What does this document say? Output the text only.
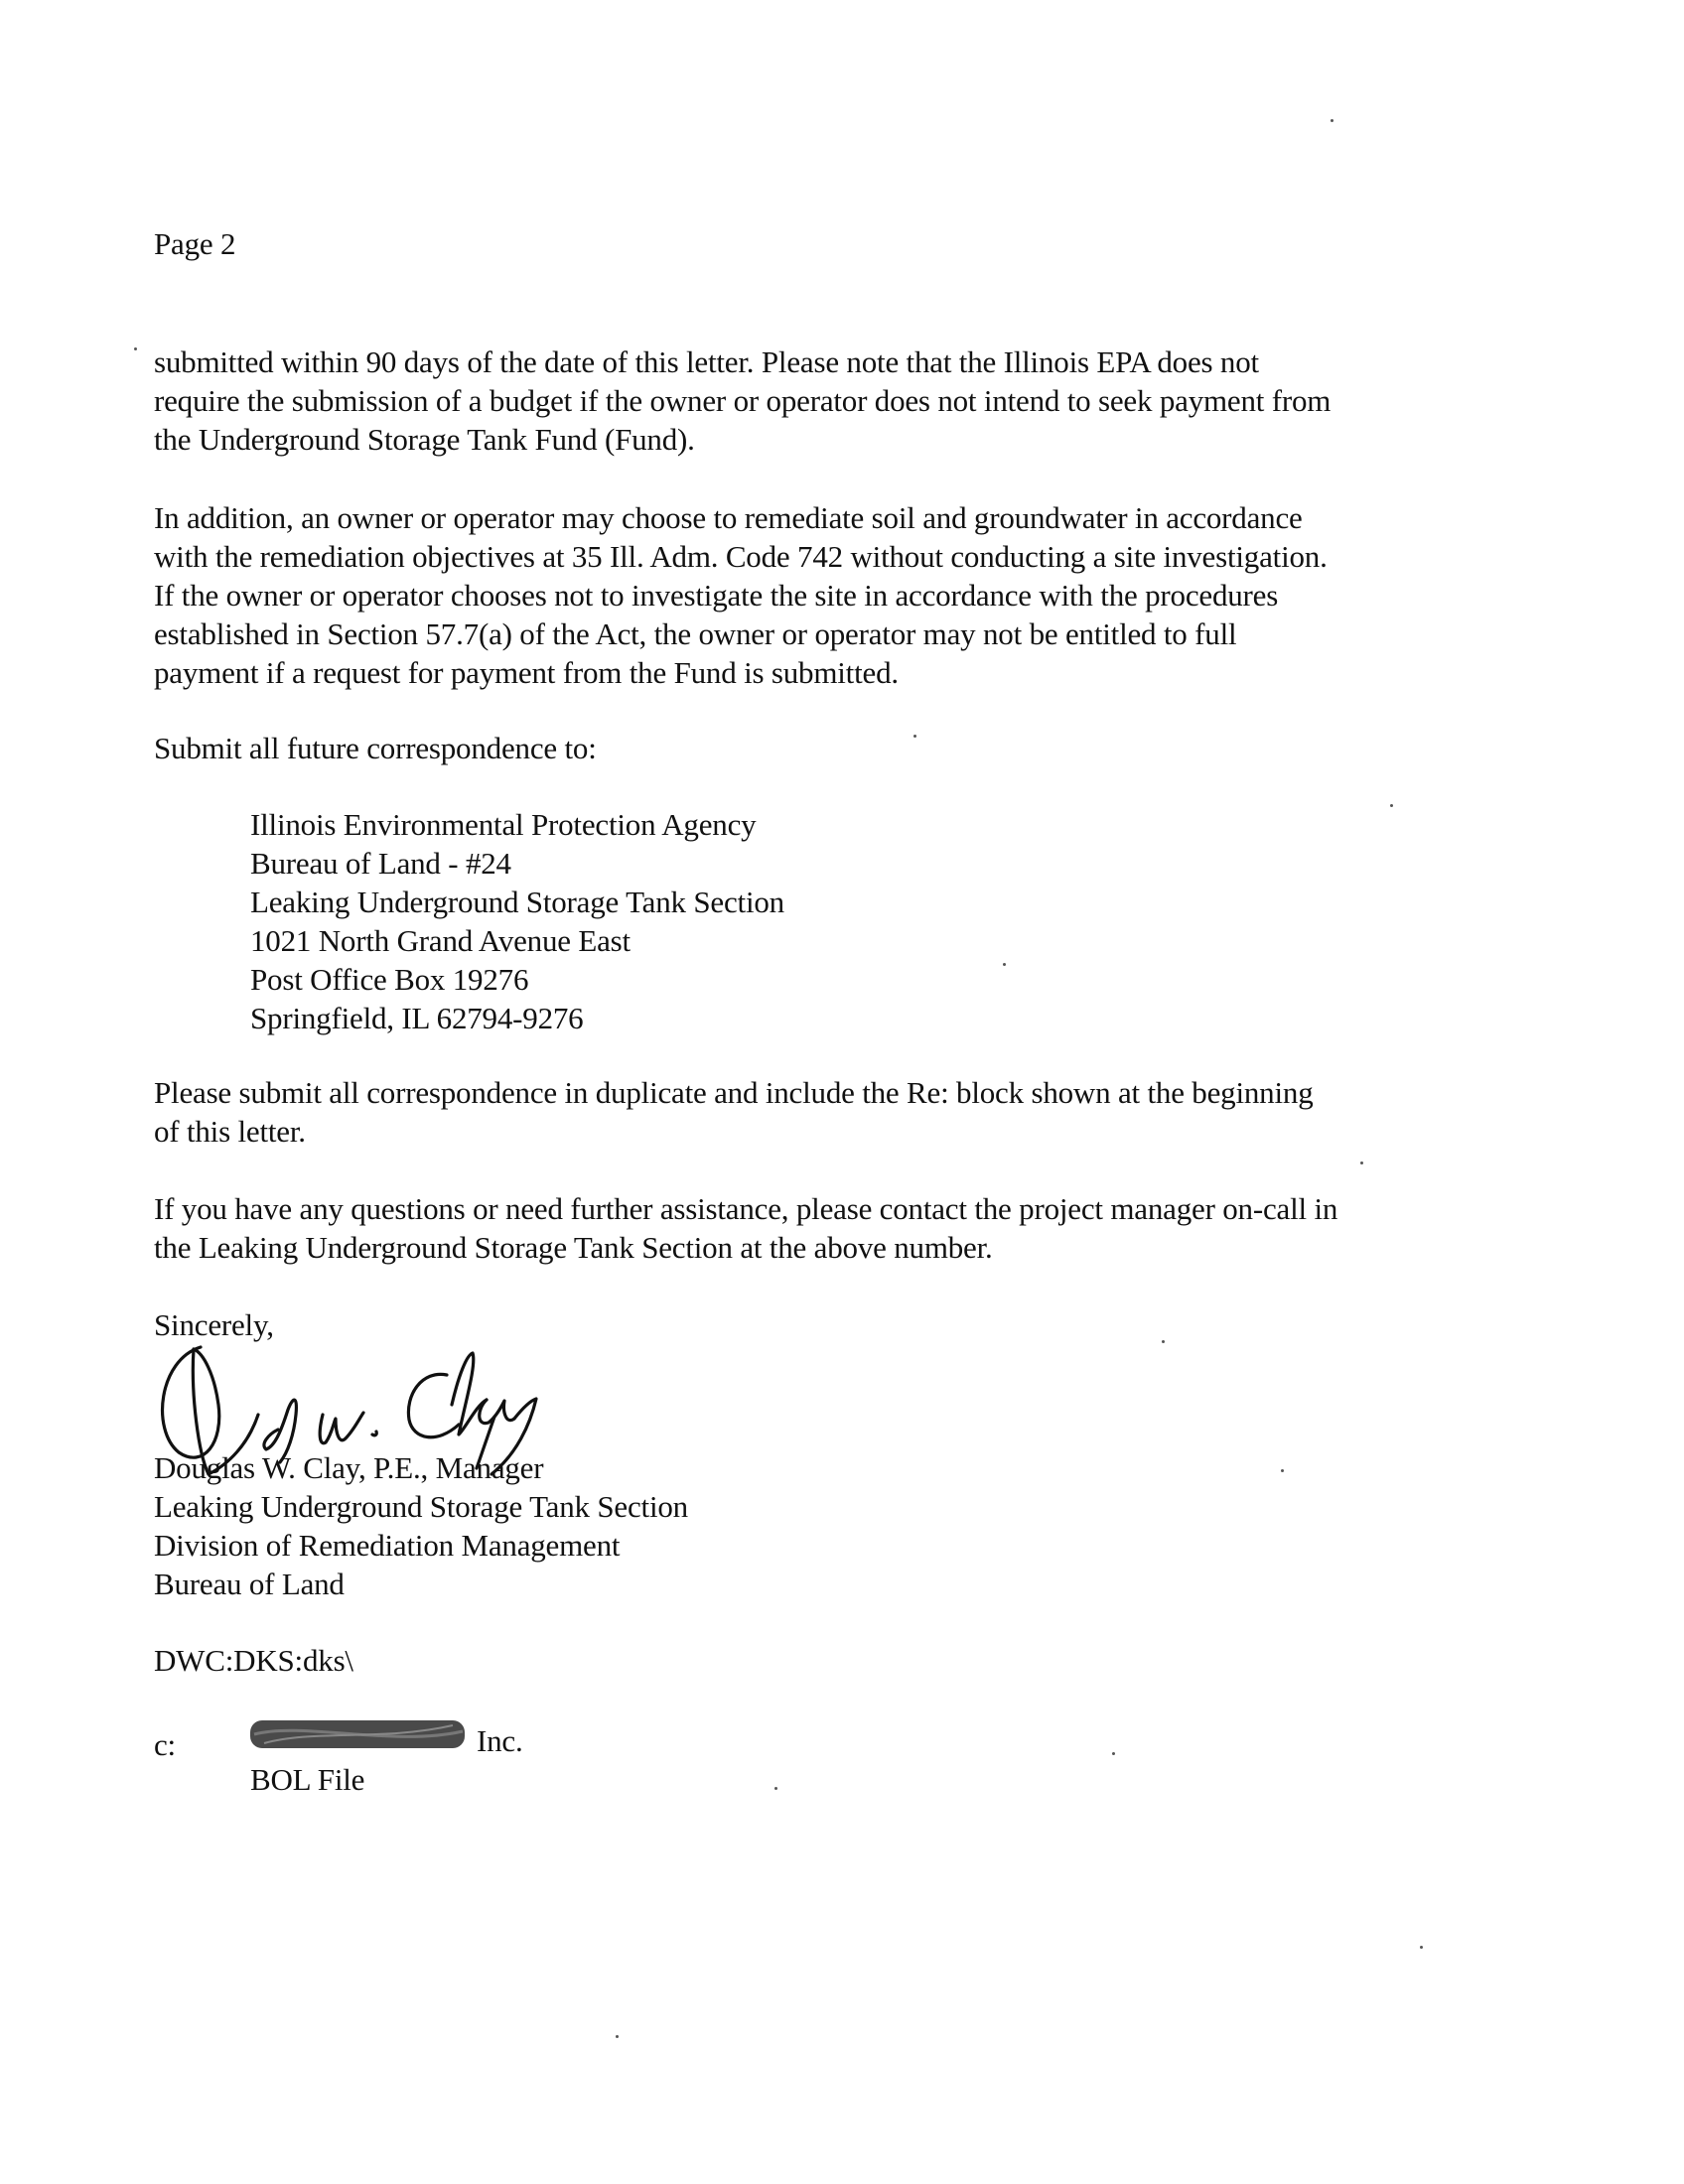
Page 2
submitted within 90 days of the date of this letter. Please note that the Illinois EPA does not
require the submission of a budget if the owner or operator does not intend to seek payment from
the Underground Storage Tank Fund (Fund).
In addition, an owner or operator may choose to remediate soil and groundwater in accordance
with the remediation objectives at 35 Ill. Adm. Code 742 without conducting a site investigation.
If the owner or operator chooses not to investigate the site in accordance with the procedures
established in Section 57.7(a) of the Act, the owner or operator may not be entitled to full
payment if a request for payment from the Fund is submitted.
Submit all future correspondence to:
Illinois Environmental Protection Agency
Bureau of Land - #24
Leaking Underground Storage Tank Section
1021 North Grand Avenue East
Post Office Box 19276
Springfield, IL 62794-9276
Please submit all correspondence in duplicate and include the Re: block shown at the beginning
of this letter.
If you have any questions or need further assistance, please contact the project manager on-call in
the Leaking Underground Storage Tank Section at the above number.
Sincerely,
Douglas W. Clay, P.E., Manager
Leaking Underground Storage Tank Section
Division of Remediation Management
Bureau of Land
DWC:DKS:dks\
c:	Inc.
BOL File
